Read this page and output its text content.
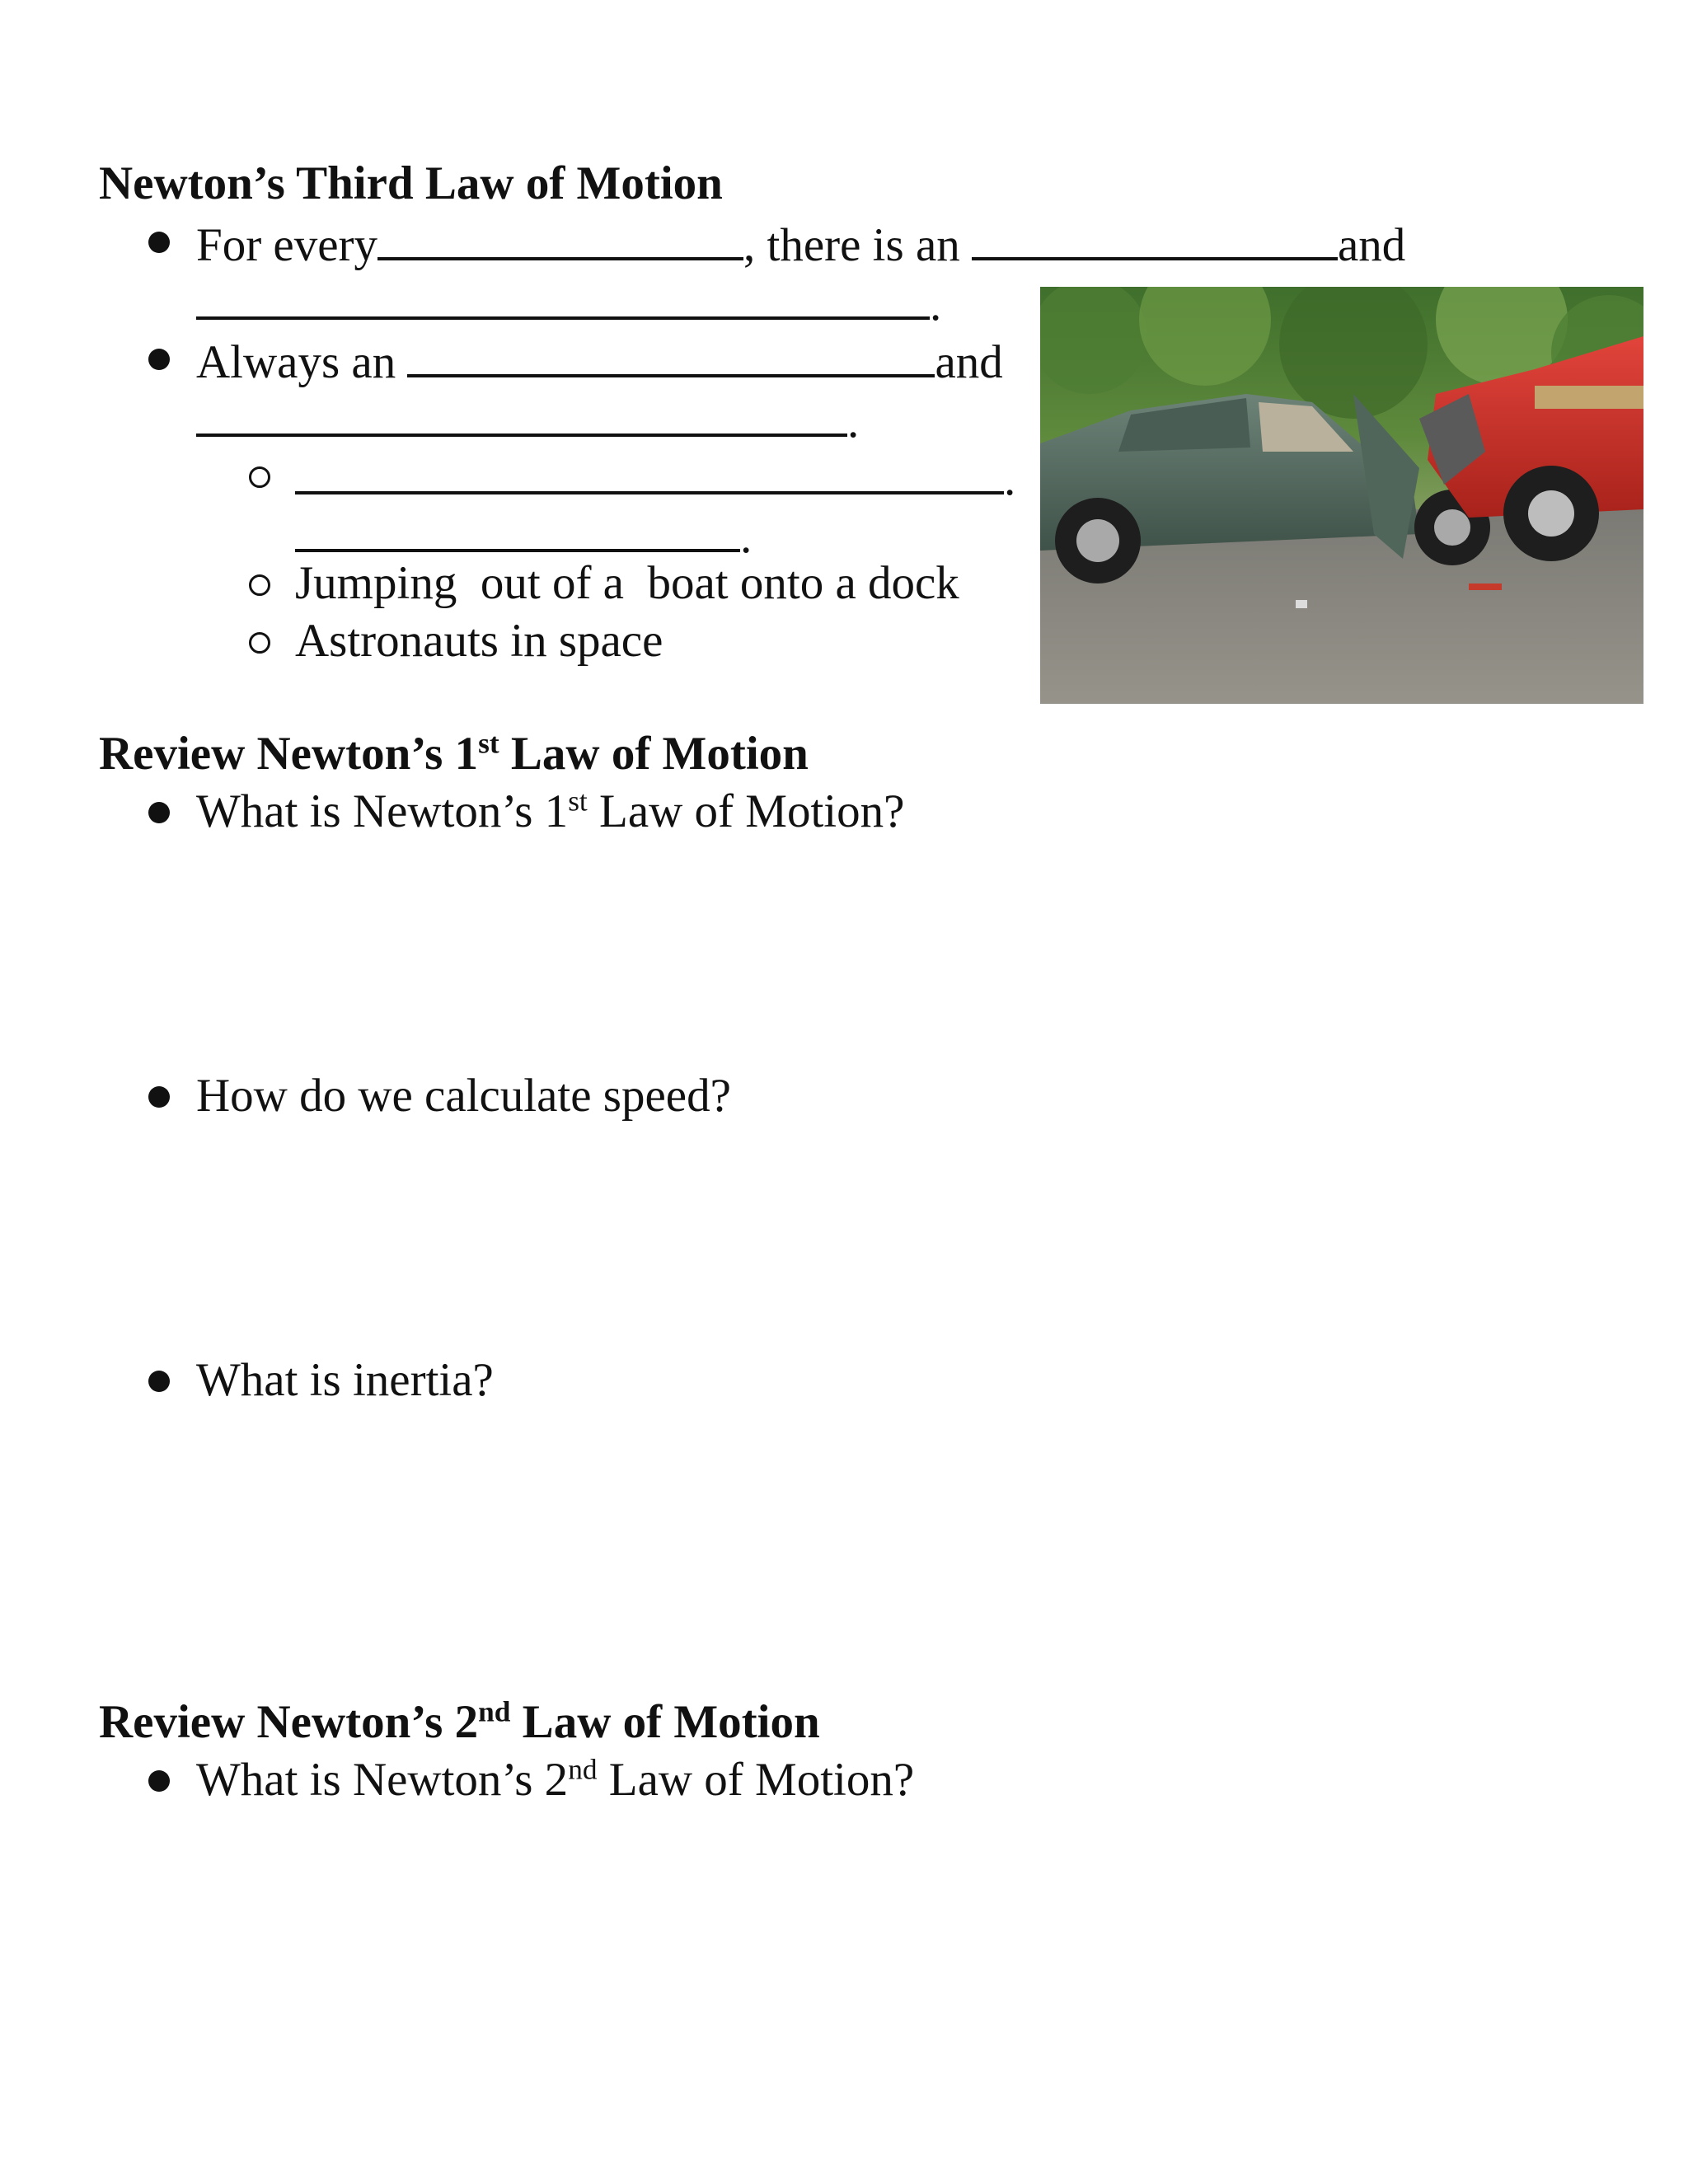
Newton’s Third Law of Motion
For every	, there is an	and
.
Always an	and
.
.
.
Jumping  out of a  boat onto a dock
Astronauts in space
Review Newton’s 1st Law of Motion
What is Newton’s 1st Law of Motion?
How do we calculate speed?
What is inertia?
Review Newton’s 2nd Law of Motion
What is Newton’s 2nd Law of Motion?
